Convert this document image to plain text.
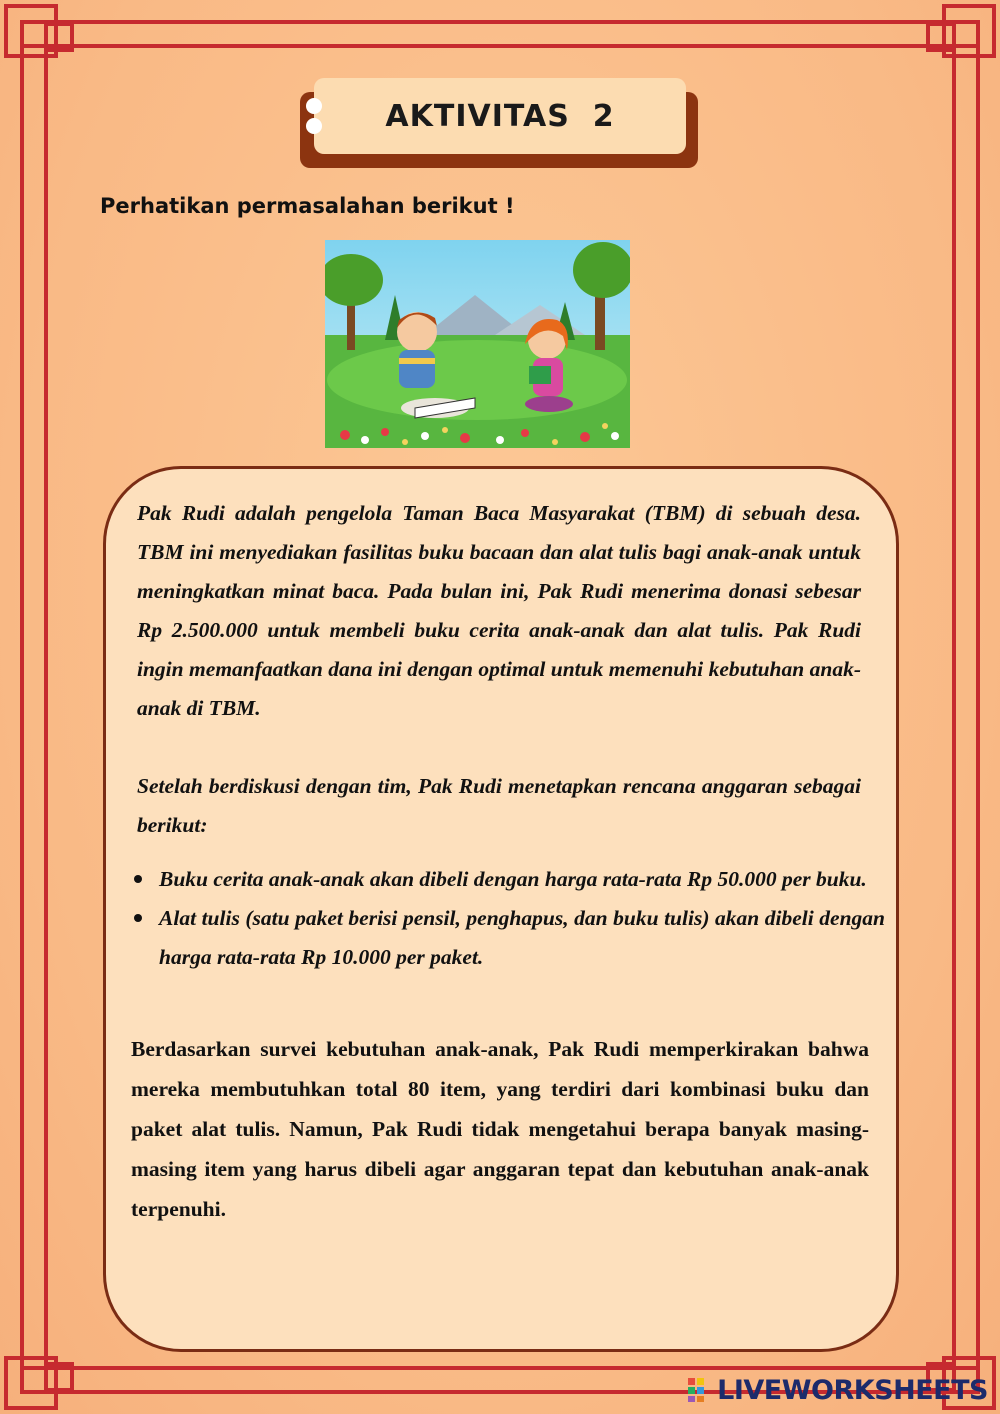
AKTIVITAS  2
Perhatikan permasalahan berikut !
Pak Rudi adalah pengelola Taman Baca Masyarakat (TBM) di sebuah desa. TBM ini menyediakan fasilitas buku bacaan dan alat tulis bagi anak-anak untuk meningkatkan minat baca. Pada bulan ini, Pak Rudi menerima donasi sebesar Rp 2.500.000 untuk membeli buku cerita anak-anak dan alat tulis. Pak Rudi ingin memanfaatkan dana ini dengan optimal untuk memenuhi kebutuhan anak-anak di TBM.
Setelah berdiskusi dengan tim, Pak Rudi menetapkan rencana anggaran sebagai berikut:
Buku cerita anak-anak akan dibeli dengan harga rata-rata Rp 50.000 per buku.
Alat tulis (satu paket berisi pensil, penghapus, dan buku tulis) akan dibeli dengan harga rata-rata Rp 10.000 per paket.
Berdasarkan survei kebutuhan anak-anak, Pak Rudi memperkirakan bahwa mereka membutuhkan total 80 item, yang terdiri dari kombinasi buku dan paket alat tulis. Namun, Pak Rudi tidak mengetahui berapa banyak masing-masing item yang harus dibeli agar anggaran tepat dan kebutuhan anak-anak terpenuhi.
LIVEWORKSHEETS
